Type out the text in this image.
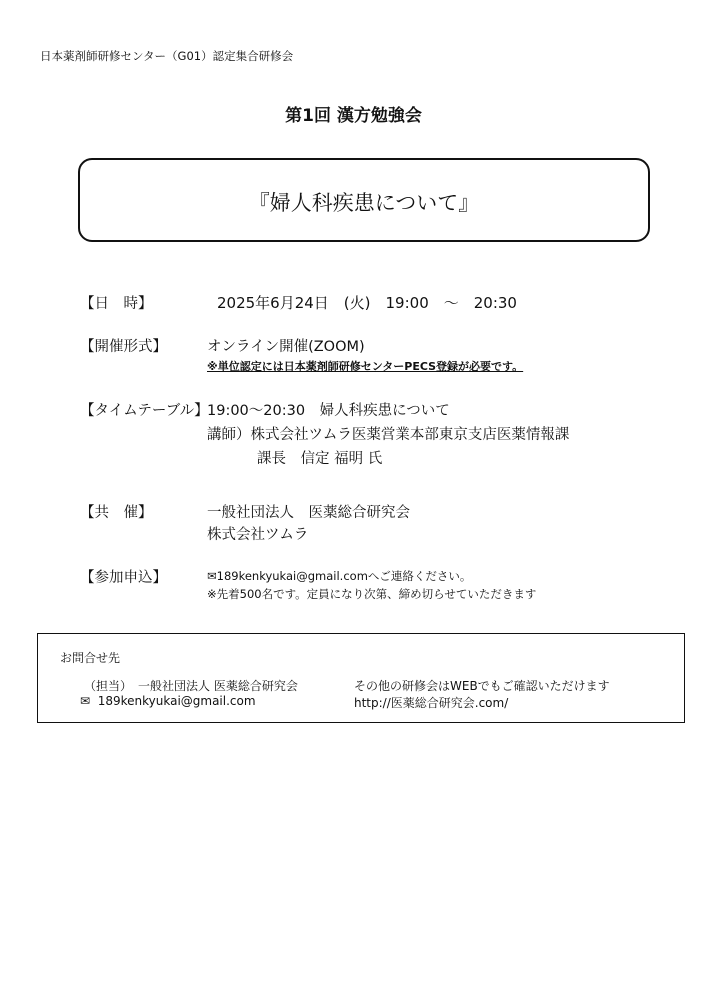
日本薬剤師研修センター（G01）認定集合研修会
第1回 漢方勉強会
『婦人科疾患について』
【日　時】	2025年6月24日　(火)　19:00　～　20:30
【開催形式】	オンライン開催(ZOOM)
※単位認定には日本薬剤師研修センターPECS登録が必要です。
【タイムテーブル】
19:00～20:30　婦人科疾患について
講師）株式会社ツムラ医薬営業本部東京支店医薬情報課
課長　信定 福明 氏
【共　催】	一般社団法人　医薬総合研究会
株式会社ツムラ
【参加申込】	✉189kenkyukai@gmail.comへご連絡ください。
※先着500名です。定員になり次第、締め切らせていただきます
お問合せ先
（担当）　一般社団法人 医薬総合研究会
✉ 189kenkyukai@gmail.com
その他の研修会はWEBでもご確認いただけます
http://医薬総合研究会.com/
